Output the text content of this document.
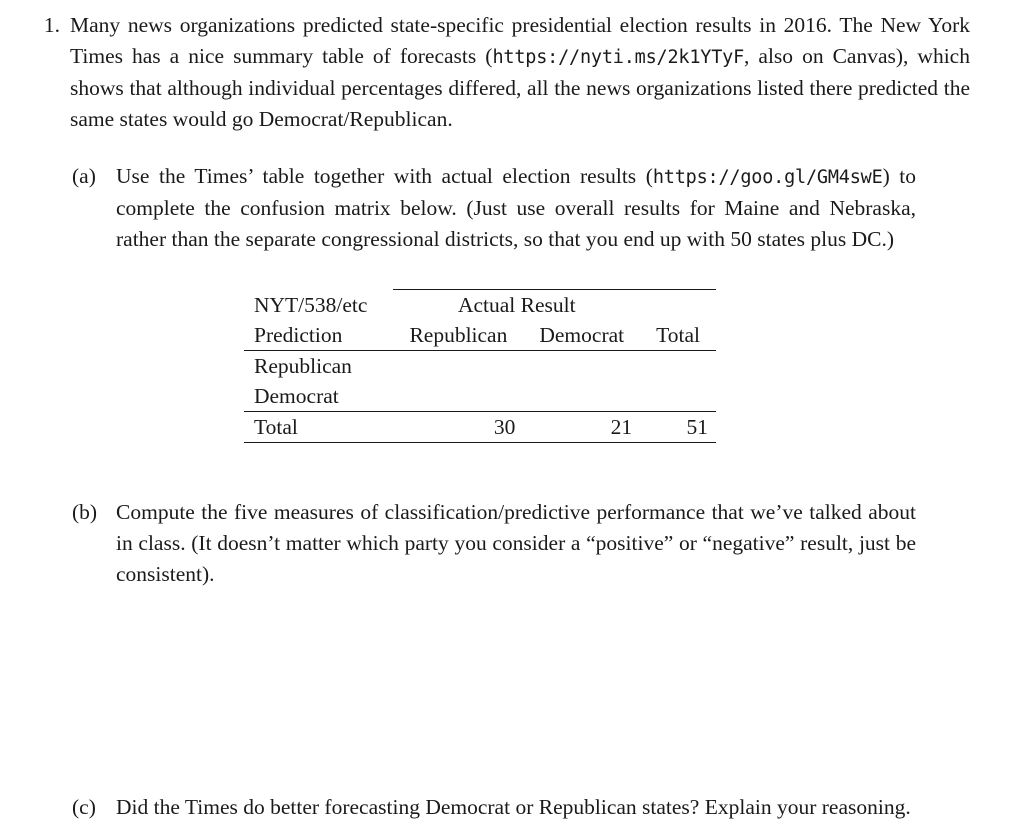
1. Many news organizations predicted state-specific presidential election results in 2016. The New York Times has a nice summary table of forecasts (https://nyti.ms/2k1YTyF, also on Canvas), which shows that although individual percentages differed, all the news organizations listed there predicted the same states would go Democrat/Republican.

(a) Use the Times’ table together with actual election results (https://goo.gl/GM4swE) to complete the confusion matrix below. (Just use overall results for Maine and Nebraska, rather than the separate congressional districts, so that you end up with 50 states plus DC.)

NYT/538/etc	Actual Result		
Prediction	Republican	Democrat	Total
Republican			
Democrat			
Total	30	21	51
(b) Compute the five measures of classification/predictive performance that we’ve talked about in class. (It doesn’t matter which party you consider a “positive” or “negative” result, just be consistent).

(c) Did the Times do better forecasting Democrat or Republican states? Explain your reasoning.
